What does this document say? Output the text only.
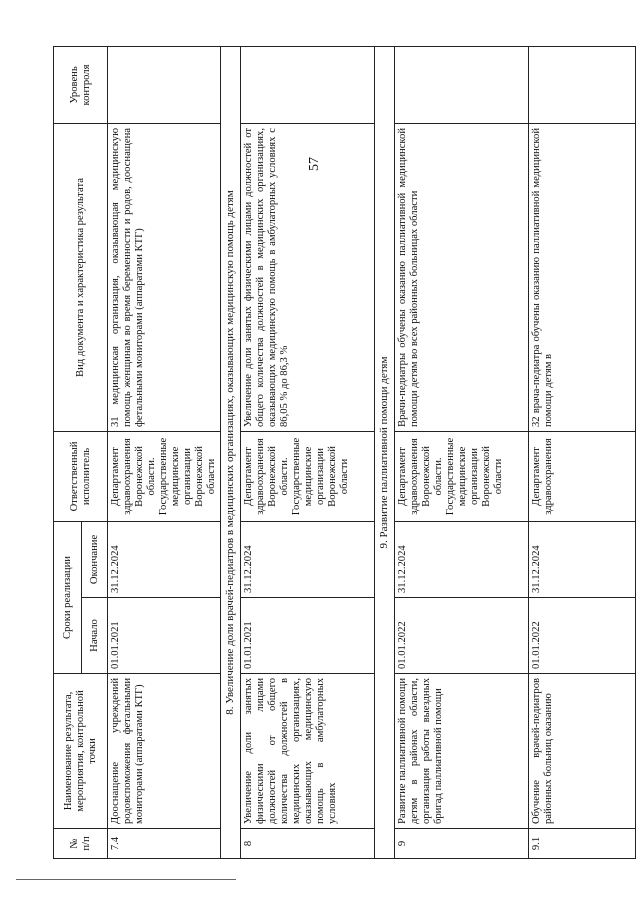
57
№ п/п	Наименование результата, мероприятия, контрольной точки	Сроки реализации		Ответственный исполнитель	Вид документа и характеристика результата	Уровень контроля
		Начало	Окончание			
7.4	Дооснащение учреждений родовспоможения фетальными мониторами (аппаратами КТГ)	01.01.2021	31.12.2024	Департамент здравоохранения Воронежской области. Государственные медицинские организации Воронежской области	31 медицинская организация, оказывающая медицинскую помощь женщинам во время беременности и родов, дооснащена фетальными мониторами (аппаратами КТГ)	
8. Увеличение доли врачей-педиатров в медицинских организациях, оказывающих медицинскую помощь детям						
8	Увеличение доли занятых физическими лицами должностей от общего количества должностей в медицинских организациях, оказывающих медицинскую помощь в амбулаторных условиях	01.01.2021	31.12.2024	Департамент здравоохранения Воронежской области. Государственные медицинские организации Воронежской области	Увеличение доли занятых физическими лицами должностей от общего количества должностей в медицинских организациях, оказывающих медицинскую помощь в амбулаторных условиях с 86,05 % до 86,3 %	
9. Развитие паллиативной помощи детям						
9	Развитие паллиативной помощи детям в районах области, организация работы выездных бригад паллиативной помощи	01.01.2022	31.12.2024	Департамент здравоохранения Воронежской области. Государственные медицинские организации Воронежской области	Врачи-педиатры обучены оказанию паллиативной медицинской помощи детям во всех районных больницах области	
9.1	Обучение врачей-педиатров районных больниц оказанию	01.01.2022	31.12.2024	Департамент здравоохранения	32 врача-педиатра обучены оказанию паллиативной медицинской помощи детям в	
